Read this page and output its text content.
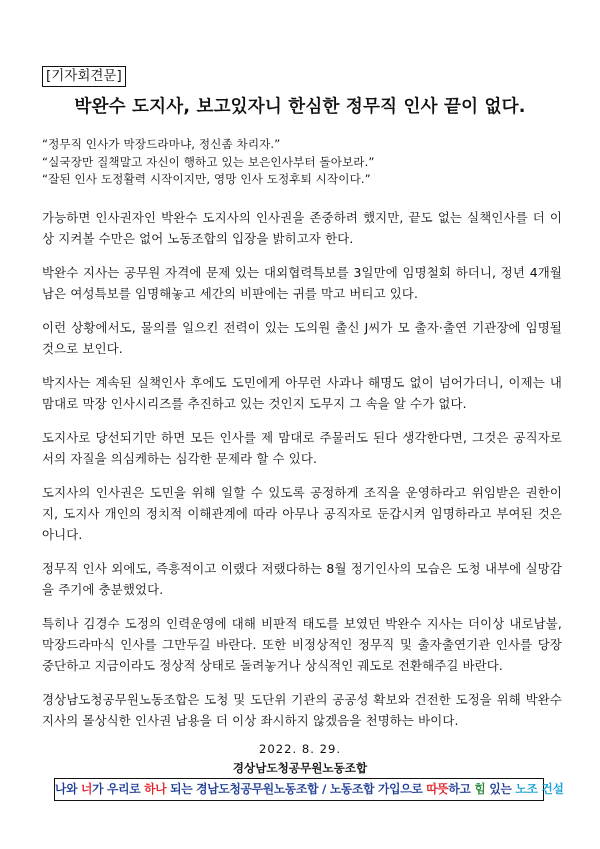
[기자회견문]
박완수 도지사, 보고있자니 한심한 정무직 인사 끝이 없다.
“정무직 인사가 막장드라마냐, 정신좀 차리자.”
“실국장만 질책말고 자신이 행하고 있는 보은인사부터 돌아보라.”
“잘된 인사 도정활력 시작이지만, 영망 인사 도정후퇴 시작이다.”
가능하면 인사권자인 박완수 도지사의 인사권을 존중하려 했지만, 끝도 없는 실책인사를 더 이상 지켜볼 수만은 없어 노동조합의 입장을 밝히고자 한다.
박완수 지사는 공무원 자격에 문제 있는 대외협력특보를 3일만에 임명철회 하더니, 정년 4개월 남은 여성특보를 임명해놓고 세간의 비판에는 귀를 막고 버티고 있다.
이런 상황에서도, 물의를 일으킨 전력이 있는 도의원 출신 J씨가 모 출자·출연 기관장에 임명될 것으로 보인다.
박지사는 계속된 실책인사 후에도 도민에게 아무런 사과나 해명도 없이 넘어가더니, 이제는 내맘대로 막장 인사시리즈를 추진하고 있는 것인지 도무지 그 속을 알 수가 없다.
도지사로 당선되기만 하면 모든 인사를 제 맘대로 주물러도 된다 생각한다면, 그것은 공직자로서의 자질을 의심케하는 심각한 문제라 할 수 있다.
도지사의 인사권은 도민을 위해 일할 수 있도록 공정하게 조직을 운영하라고 위임받은 권한이지, 도지사 개인의 정치적 이해관계에 따라 아무나 공직자로 둔갑시켜 임명하라고 부여된 것은 아니다.
정무직 인사 외에도, 즉흥적이고 이랬다 저랬다하는 8월 정기인사의 모습은 도청 내부에 실망감을 주기에 충분했었다.
특히나 김경수 도정의 인력운영에 대해 비판적 태도를 보였던 박완수 지사는 더이상 내로남불, 막장드라마식 인사를 그만두길 바란다. 또한 비정상적인 정무직 및 출자출연기관 인사를 당장 중단하고 지금이라도 정상적 상태로 돌려놓거나 상식적인 궤도로 전환해주길 바란다.
경상남도청공무원노동조합은 도청 및 도단위 기관의 공공성 확보와 건전한 도정을 위해 박완수 지사의 몰상식한 인사권 남용을 더 이상 좌시하지 않겠음을 천명하는 바이다.
2022. 8. 29.
경상남도청공무원노동조합
나와 너가 우리로 하나 되는 경남도청공무원노동조합 / 노동조합 가입으로 따뜻하고 힘 있는 노조 건설
